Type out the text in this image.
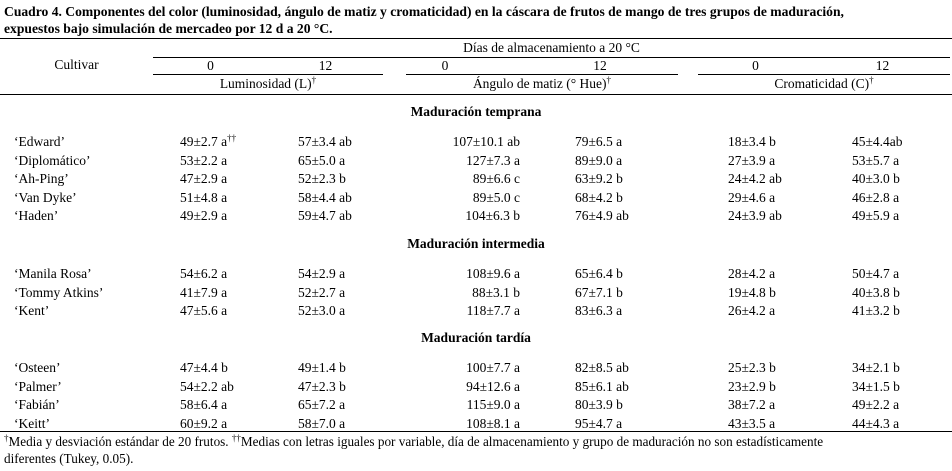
Cuadro 4. Componentes del color (luminosidad, ángulo de matiz y cromaticidad) en la cáscara de frutos de mango de tres grupos de maduración,
expuestos bajo simulación de mercadeo por 12 d a 20 °C.
Días de almacenamiento a 20 °C
Cultivar	0	12	0	12	0	12
Luminosidad (L)†	Ángulo de matiz (° Hue)†	Cromaticidad (C)†
Maduración temprana
‘Edward’	49±2.7 a††	57±3.4 ab	107±10.1 ab	79±6.5 a	18±3.4 b	45±4.4ab
‘Diplomático’	53±2.2 a	65±5.0 a	127±7.3 a	89±9.0 a	27±3.9 a	53±5.7 a
‘Ah-Ping’	47±2.9 a	52±2.3 b	89±6.6 c	63±9.2 b	24±4.2 ab	40±3.0 b
‘Van Dyke’	51±4.8 a	58±4.4 ab	89±5.0 c	68±4.2 b	29±4.6 a	46±2.8 a
‘Haden’	49±2.9 a	59±4.7 ab	104±6.3 b	76±4.9 ab	24±3.9 ab	49±5.9 a
Maduración intermedia
‘Manila Rosa’	54±6.2 a	54±2.9 a	108±9.6 a	65±6.4 b	28±4.2 a	50±4.7 a
‘Tommy Atkins’	41±7.9 a	52±2.7 a	88±3.1 b	67±7.1 b	19±4.8 b	40±3.8 b
‘Kent’	47±5.6 a	52±3.0 a	118±7.7 a	83±6.3 a	26±4.2 a	41±3.2 b
Maduración tardía
‘Osteen’	47±4.4 b	49±1.4 b	100±7.7 a	82±8.5 ab	25±2.3 b	34±2.1 b
‘Palmer’	54±2.2 ab	47±2.3 b	94±12.6 a	85±6.1 ab	23±2.9 b	34±1.5 b
‘Fabián’	58±6.4 a	65±7.2 a	115±9.0 a	80±3.9 b	38±7.2 a	49±2.2 a
‘Keitt’	60±9.2 a	58±7.0 a	108±8.1 a	95±4.7 a	43±3.5 a	44±4.3 a
†Media y desviación estándar de 20 frutos. ††Medias con letras iguales por variable, día de almacenamiento y grupo de maduración no son estadísticamente
diferentes (Tukey, 0.05).
